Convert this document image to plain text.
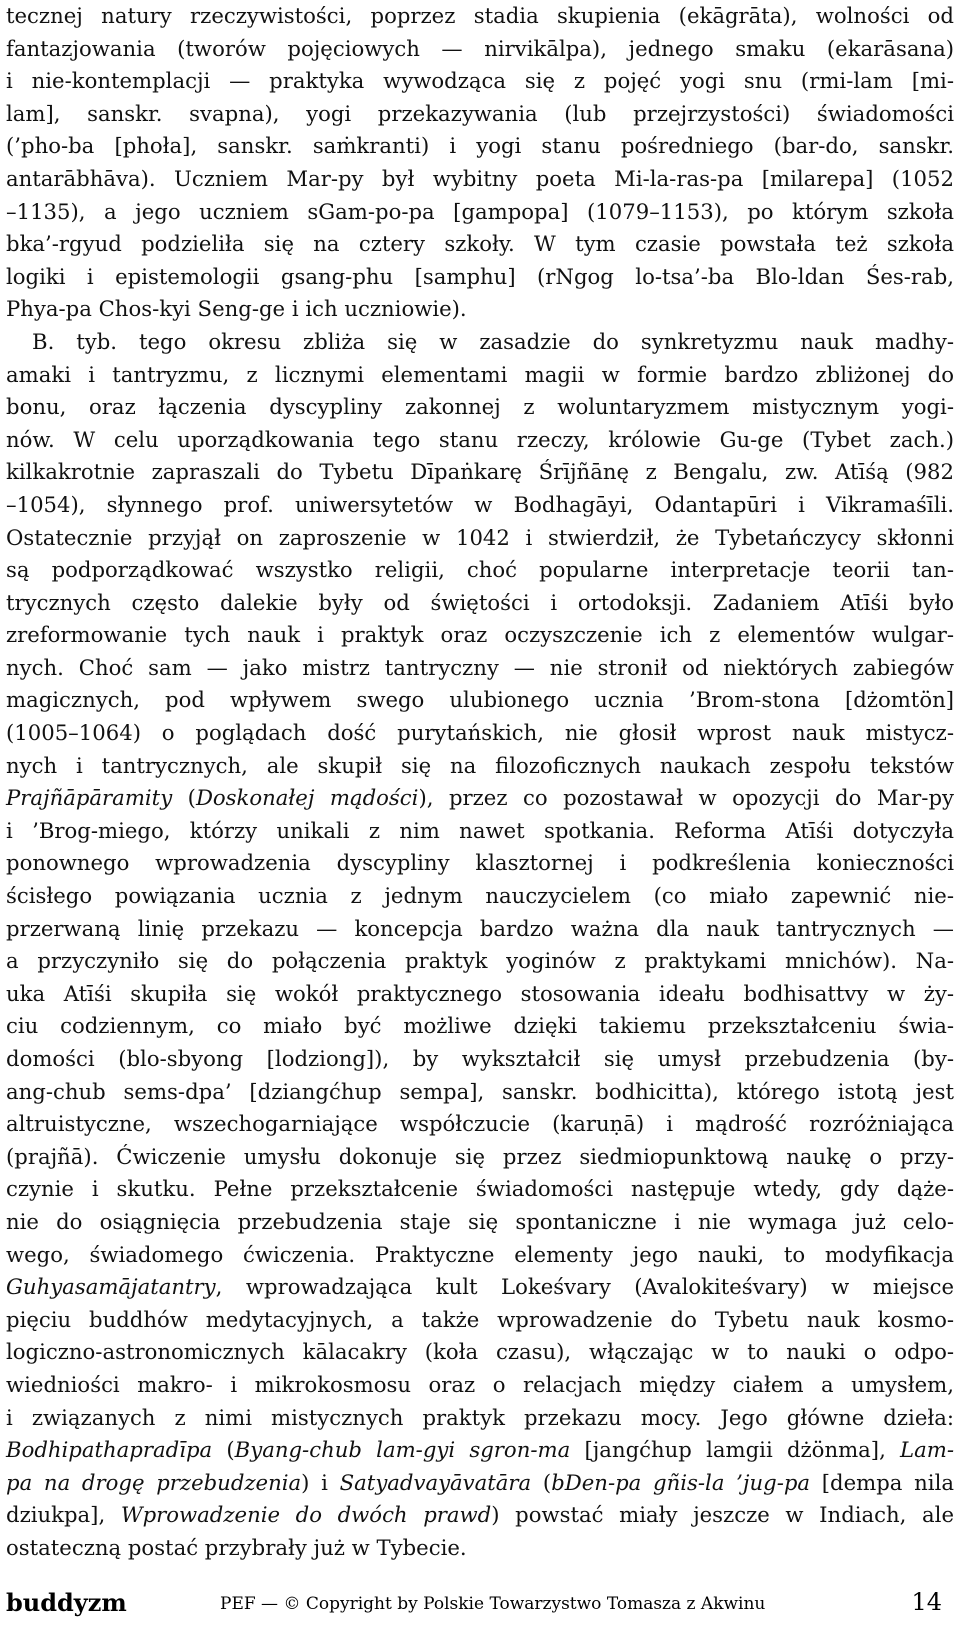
tecznej natury rzeczywistości, poprzez stadia skupienia (ekāgrāta), wolności od
fantazjowania (tworów pojęciowych — nirvikālpa), jednego smaku (ekarāsana)
i nie-kontemplacji — praktyka wywodząca się z pojęć yogi snu (rmi-lam [mi-
lam], sanskr. svapna), yogi przekazywania (lub przejrzystości) świadomości
(’pho-ba [phoła], sanskr. saṁkranti) i yogi stanu pośredniego (bar-do, sanskr.
antarābhāva). Uczniem Mar-py był wybitny poeta Mi-la-ras-pa [milarepa] (1052
–1135), a jego uczniem sGam-po-pa [gampopa] (1079–1153), po którym szkoła
bka’-rgyud podzieliła się na cztery szkoły. W tym czasie powstała też szkoła
logiki i epistemologii gsang-phu [samphu] (rNgog lo-tsa’-ba Blo-ldan Śes-rab,
Phya-pa Chos-kyi Seng-ge i ich uczniowie).
B. tyb. tego okresu zbliża się w zasadzie do synkretyzmu nauk madhy-
amaki i tantryzmu, z licznymi elementami magii w formie bardzo zbliżonej do
bonu, oraz łączenia dyscypliny zakonnej z woluntaryzmem mistycznym yogi-
nów. W celu uporządkowania tego stanu rzeczy, królowie Gu-ge (Tybet zach.)
kilkakrotnie zapraszali do Tybetu Dīpaṅkarę Śrījñānę z Bengalu, zw. Atīśą (982
–1054), słynnego prof. uniwersytetów w Bodhagāyi, Odantapūri i Vikramaśīli.
Ostatecznie przyjął on zaproszenie w 1042 i stwierdził, że Tybetańczycy skłonni
są podporządkować wszystko religii, choć popularne interpretacje teorii tan-
trycznych często dalekie były od świętości i ortodoksji. Zadaniem Atīśi było
zreformowanie tych nauk i praktyk oraz oczyszczenie ich z elementów wulgar-
nych. Choć sam — jako mistrz tantryczny — nie stronił od niektórych zabiegów
magicznych, pod wpływem swego ulubionego ucznia ’Brom-stona [dżomtön]
(1005–1064) o poglądach dość purytańskich, nie głosił wprost nauk mistycz-
nych i tantrycznych, ale skupił się na filozoficznych naukach zespołu tekstów
Prajñāpāramity (Doskonałej mądości), przez co pozostawał w opozycji do Mar-py
i ’Brog-miego, którzy unikali z nim nawet spotkania. Reforma Atīśi dotyczyła
ponownego wprowadzenia dyscypliny klasztornej i podkreślenia konieczności
ścisłego powiązania ucznia z jednym nauczycielem (co miało zapewnić nie-
przerwaną linię przekazu — koncepcja bardzo ważna dla nauk tantrycznych —
a przyczyniło się do połączenia praktyk yoginów z praktykami mnichów). Na-
uka Atīśi skupiła się wokół praktycznego stosowania ideału bodhisattvy w ży-
ciu codziennym, co miało być możliwe dzięki takiemu przekształceniu świa-
domości (blo-sbyong [lodziong]), by wykształcił się umysł przebudzenia (by-
ang-chub sems-dpa’ [dziangćhup sempa], sanskr. bodhicitta), którego istotą jest
altruistyczne, wszechogarniające współczucie (karuṇā) i mądrość rozróżniająca
(prajñā). Ćwiczenie umysłu dokonuje się przez siedmiopunktową naukę o przy-
czynie i skutku. Pełne przekształcenie świadomości następuje wtedy, gdy dąże-
nie do osiągnięcia przebudzenia staje się spontaniczne i nie wymaga już celo-
wego, świadomego ćwiczenia. Praktyczne elementy jego nauki, to modyfikacja
Guhyasamājatantry, wprowadzająca kult Lokeśvary (Avalokiteśvary) w miejsce
pięciu buddhów medytacyjnych, a także wprowadzenie do Tybetu nauk kosmo-
logiczno-astronomicznych kālacakry (koła czasu), włączając w to nauki o odpo-
wiedniości makro- i mikrokosmosu oraz o relacjach między ciałem a umysłem,
i związanych z nimi mistycznych praktyk przekazu mocy. Jego główne dzieła:
Bodhipathapradīpa (Byang-chub lam-gyi sgron-ma [jangćhup lamgii dżönma], Lam-
pa na drogę przebudzenia) i Satyadvayāvatāra (bDen-pa gñis-la ’jug-pa [dempa nila
dziukpa], Wprowadzenie do dwóch prawd) powstać miały jeszcze w Indiach, ale
ostateczną postać przybrały już w Tybecie.
buddyzm	PEF — © Copyright by Polskie Towarzystwo Tomasza z Akwinu	14
